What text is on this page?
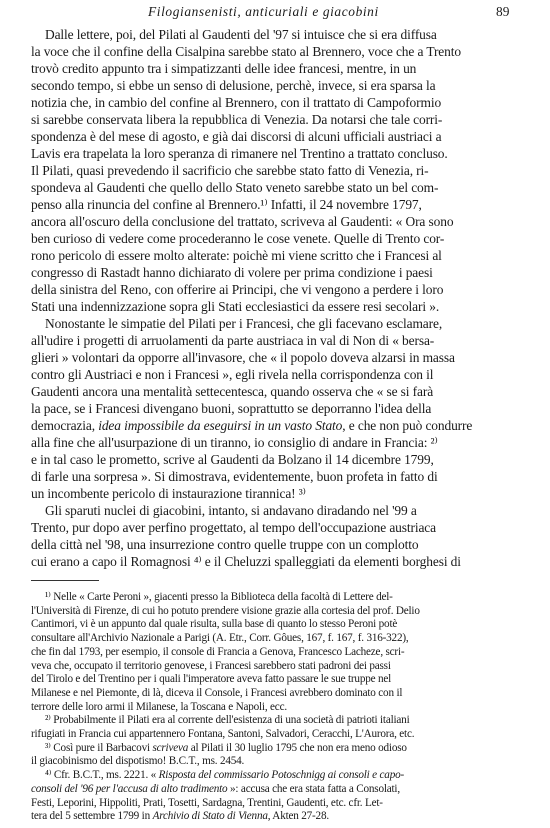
Filogiansenisti, anticuriali e giacobini	89
Dalle lettere, poi, del Pilati al Gaudenti del '97 si intuisce che si era diffusa
la voce che il confine della Cisalpina sarebbe stato al Brennero, voce che a Trento
trovò credito appunto tra i simpatizzanti delle idee francesi, mentre, in un
secondo tempo, si ebbe un senso di delusione, perchè, invece, si era sparsa la
notizia che, in cambio del confine al Brennero, con il trattato di Campoformio
si sarebbe conservata libera la repubblica di Venezia. Da notarsi che tale corri-
spondenza è del mese di agosto, e già dai discorsi di alcuni ufficiali austriaci a
Lavis era trapelata la loro speranza di rimanere nel Trentino a trattato concluso.
Il Pilati, quasi prevedendo il sacrificio che sarebbe stato fatto di Venezia, ri-
spondeva al Gaudenti che quello dello Stato veneto sarebbe stato un bel com-
penso alla rinuncia del confine al Brennero.¹⁾ Infatti, il 24 novembre 1797,
ancora all'oscuro della conclusione del trattato, scriveva al Gaudenti: « Ora sono
ben curioso di vedere come procederanno le cose venete. Quelle di Trento cor-
rono pericolo di essere molto alterate: poichè mi viene scritto che i Francesi al
congresso di Rastadt hanno dichiarato di volere per prima condizione i paesi
della sinistra del Reno, con offerire ai Principi, che vi vengono a perdere i loro
Stati una indennizzazione sopra gli Stati ecclesiastici da essere resi secolari ».
Nonostante le simpatie del Pilati per i Francesi, che gli facevano esclamare,
all'udire i progetti di arruolamenti da parte austriaca in val di Non di « bersa-
glieri » volontari da opporre all'invasore, che « il popolo doveva alzarsi in massa
contro gli Austriaci e non i Francesi », egli rivela nella corrispondenza con il
Gaudenti ancora una mentalità settecentesca, quando osserva che « se si farà
la pace, se i Francesi divengano buoni, soprattutto se deporranno l'idea della
democrazia, idea impossibile da eseguirsi in un vasto Stato, e che non può condurre
alla fine che all'usurpazione di un tiranno, io consiglio di andare in Francia: ²⁾
e in tal caso le prometto, scrive al Gaudenti da Bolzano il 14 dicembre 1799,
di farle una sorpresa ». Si dimostrava, evidentemente, buon profeta in fatto di
un incombente pericolo di instaurazione tirannica! ³⁾
Gli sparuti nuclei di giacobini, intanto, si andavano diradando nel '99 a
Trento, pur dopo aver perfino progettato, al tempo dell'occupazione austriaca
della città nel '98, una insurrezione contro quelle truppe con un complotto
cui erano a capo il Romagnosi ⁴⁾ e il Cheluzzi spalleggiati da elementi borghesi di
¹⁾ Nelle « Carte Peroni », giacenti presso la Biblioteca della facoltà di Lettere del-
l'Università di Firenze, di cui ho potuto prendere visione grazie alla cortesia del prof. Delio
Cantimori, vi è un appunto dal quale risulta, sulla base di quanto lo stesso Peroni potè
consultare all'Archivio Nazionale a Parigi (A. Etr., Corr. Gôues, 167, f. 167, f. 316-322),
che fin dal 1793, per esempio, il console di Francia a Genova, Francesco Lacheze, scri-
veva che, occupato il territorio genovese, i Francesi sarebbero stati padroni dei passi
del Tirolo e del Trentino per i quali l'imperatore aveva fatto passare le sue truppe nel
Milanese e nel Piemonte, di là, diceva il Console, i Francesi avrebbero dominato con il
terrore delle loro armi il Milanese, la Toscana e Napoli, ecc.
²⁾ Probabilmente il Pilati era al corrente dell'esistenza di una società di patrioti italiani
rifugiati in Francia cui appartennero Fontana, Santoni, Salvadori, Ceracchi, L'Aurora, etc.
³⁾ Così pure il Barbacovi scriveva al Pilati il 30 luglio 1795 che non era meno odioso
il giacobinismo del dispotismo! B.C.T., ms. 2454.
⁴⁾ Cfr. B.C.T., ms. 2221. « Risposta del commissario Potoschnigg ai consoli e capo-
consoli del '96 per l'accusa di alto tradimento »: accusa che era stata fatta a Consolati,
Festi, Leporini, Hippoliti, Prati, Tosetti, Sardagna, Trentini, Gaudenti, etc. cfr. Let-
tera del 5 settembre 1799 in Archivio di Stato di Vienna, Akten 27-28.
